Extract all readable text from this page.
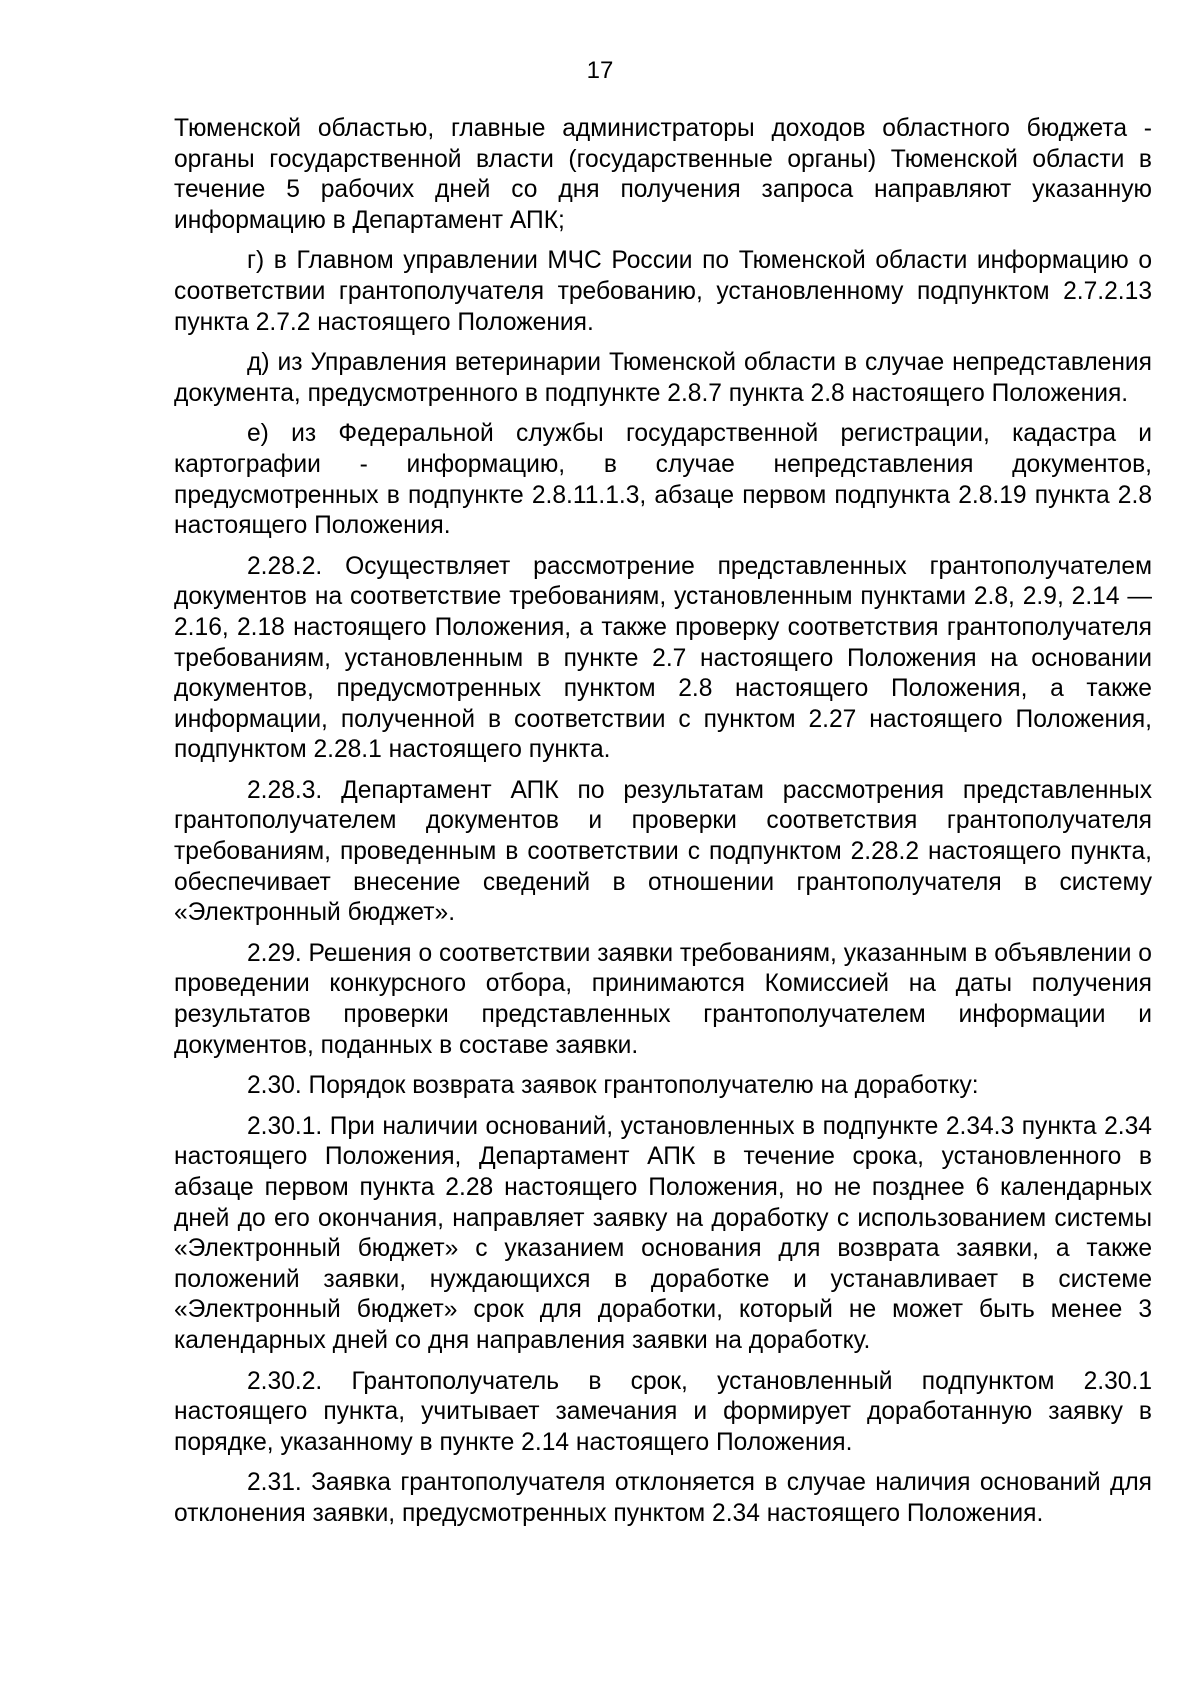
17

Тюменской областью, главные администраторы доходов областного бюджета - органы государственной власти (государственные органы) Тюменской области в течение 5 рабочих дней со дня получения запроса направляют указанную информацию в Департамент АПК;

г) в Главном управлении МЧС России по Тюменской области информацию о соответствии грантополучателя требованию, установленному подпунктом 2.7.2.13 пункта 2.7.2 настоящего Положения.

д) из Управления ветеринарии Тюменской области в случае непредставления документа, предусмотренного в подпункте 2.8.7 пункта 2.8 настоящего Положения.

е) из Федеральной службы государственной регистрации, кадастра и картографии - информацию, в случае непредставления документов, предусмотренных в подпункте 2.8.11.1.3, абзаце первом подпункта 2.8.19 пункта 2.8 настоящего Положения.

2.28.2. Осуществляет рассмотрение представленных грантополучателем документов на соответствие требованиям, установленным пунктами 2.8, 2.9, 2.14 — 2.16, 2.18 настоящего Положения, а также проверку соответствия грантополучателя требованиям, установленным в пункте 2.7 настоящего Положения на основании документов, предусмотренных пунктом 2.8 настоящего Положения, а также информации, полученной в соответствии с пунктом 2.27 настоящего Положения, подпунктом 2.28.1 настоящего пункта.

2.28.3. Департамент АПК по результатам рассмотрения представленных грантополучателем документов и проверки соответствия грантополучателя требованиям, проведенным в соответствии с подпунктом 2.28.2 настоящего пункта, обеспечивает внесение сведений в отношении грантополучателя в систему «Электронный бюджет».

2.29. Решения о соответствии заявки требованиям, указанным в объявлении о проведении конкурсного отбора, принимаются Комиссией на даты получения результатов проверки представленных грантополучателем информации и документов, поданных в составе заявки.

2.30. Порядок возврата заявок грантополучателю на доработку:

2.30.1. При наличии оснований, установленных в подпункте 2.34.3 пункта 2.34 настоящего Положения, Департамент АПК в течение срока, установленного в абзаце первом пункта 2.28 настоящего Положения, но не позднее 6 календарных дней до его окончания, направляет заявку на доработку с использованием системы «Электронный бюджет» с указанием основания для возврата заявки, а также положений заявки, нуждающихся в доработке и устанавливает в системе «Электронный бюджет» срок для доработки, который не может быть менее 3 календарных дней со дня направления заявки на доработку.

2.30.2. Грантополучатель в срок, установленный подпунктом 2.30.1 настоящего пункта, учитывает замечания и формирует доработанную заявку в порядке, указанному в пункте 2.14 настоящего Положения.

2.31. Заявка грантополучателя отклоняется в случае наличия оснований для отклонения заявки, предусмотренных пунктом 2.34 настоящего Положения.
